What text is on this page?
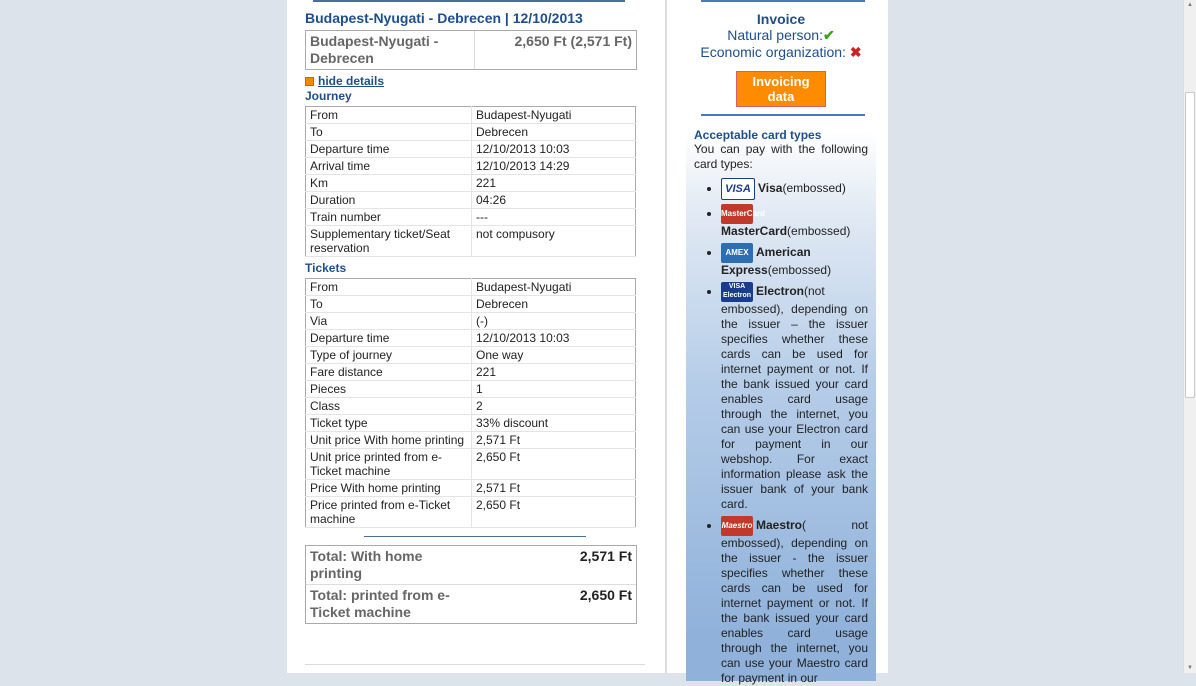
Budapest-Nyugati - Debrecen | 12/10/2013
Budapest-Nyugati - Debrecen
2,650 Ft (2,571 Ft)
hide details
Journey
From	Budapest-Nyugati
To	Debrecen
Departure time	12/10/2013 10:03
Arrival time	12/10/2013 14:29
Km	221
Duration	04:26
Train number	---
Supplementary ticket/Seat reservation	not compusory
Tickets
From	Budapest-Nyugati
To	Debrecen
Via	(-)
Departure time	12/10/2013 10:03
Type of journey	One way
Fare distance	221
Pieces	1
Class	2
Ticket type	33% discount
Unit price With home printing	2,571 Ft
Unit price printed from e-Ticket machine	2,650 Ft
Price With home printing	2,571 Ft
Price printed from e-Ticket machine	2,650 Ft
Total: With home printing
2,571 Ft
Total: printed from e-Ticket machine
2,650 Ft
Invoice
Natural person:✔
Economic organization: ✖
Invoicing data
Acceptable card types
You can pay with the following card types:
• VISA Visa(embossed)
• MasterCard
MasterCard(embossed)
• AMEX American Express(embossed)
• VISA Electron Electron(not embossed), depending on the issuer – the issuer specifies whether these cards can be used for internet payment or not. If the bank issued your card enables card usage through the internet, you can use your Electron card for payment in our webshop. For exact information please ask the issuer bank of your bank card.
• Maestro Maestro( not embossed), depending on the issuer - the issuer specifies whether these cards can be used for internet payment or not. If the bank issued your card enables card usage through the internet, you can use your Maestro card for payment in our
▲
▼
